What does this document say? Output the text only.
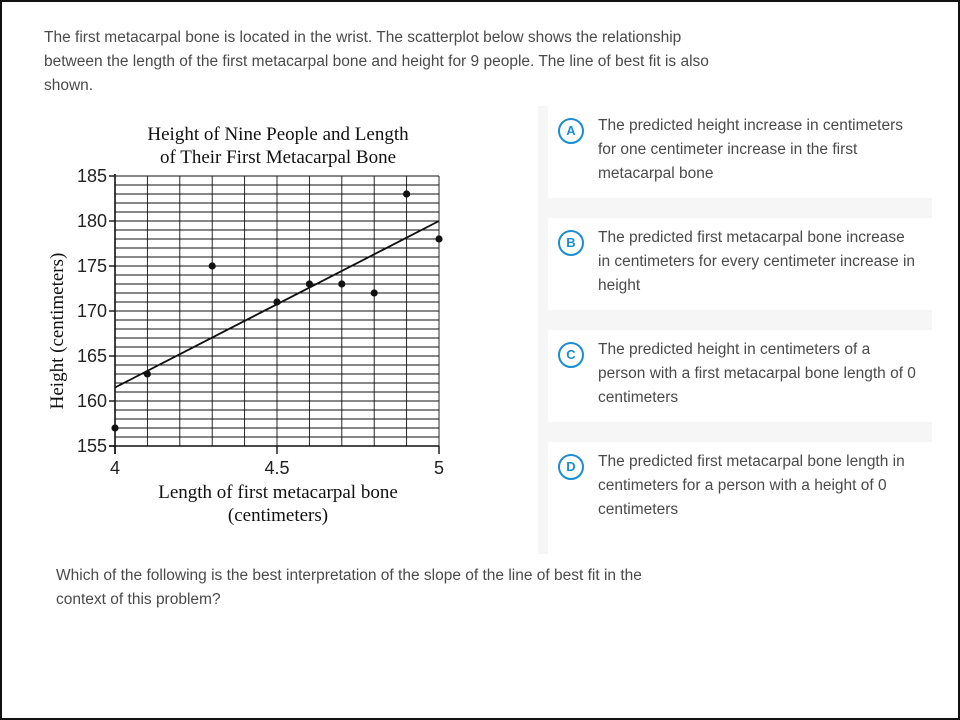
The first metacarpal bone is located in the wrist. The scatterplot below shows the relationship between the length of the first metacarpal bone and height for 9 people. The line of best fit is also shown.

155
160
165
170
175
180
185
4	4.5	5
Height of Nine People and Length
of Their First Metacarpal Bone
Length of first metacarpal bone
(centimeters)
Height (centimeters)
A	The predicted height increase in centimeters for one centimeter increase in the first metacarpal bone

B	The predicted first metacarpal bone increase in centimeters for every centimeter increase in height

C	The predicted height in centimeters of a person with a first metacarpal bone length of 0 centimeters

D	The predicted first metacarpal bone length in centimeters for a person with a height of 0 centimeters

Which of the following is the best interpretation of the slope of the line of best fit in the context of this problem?
